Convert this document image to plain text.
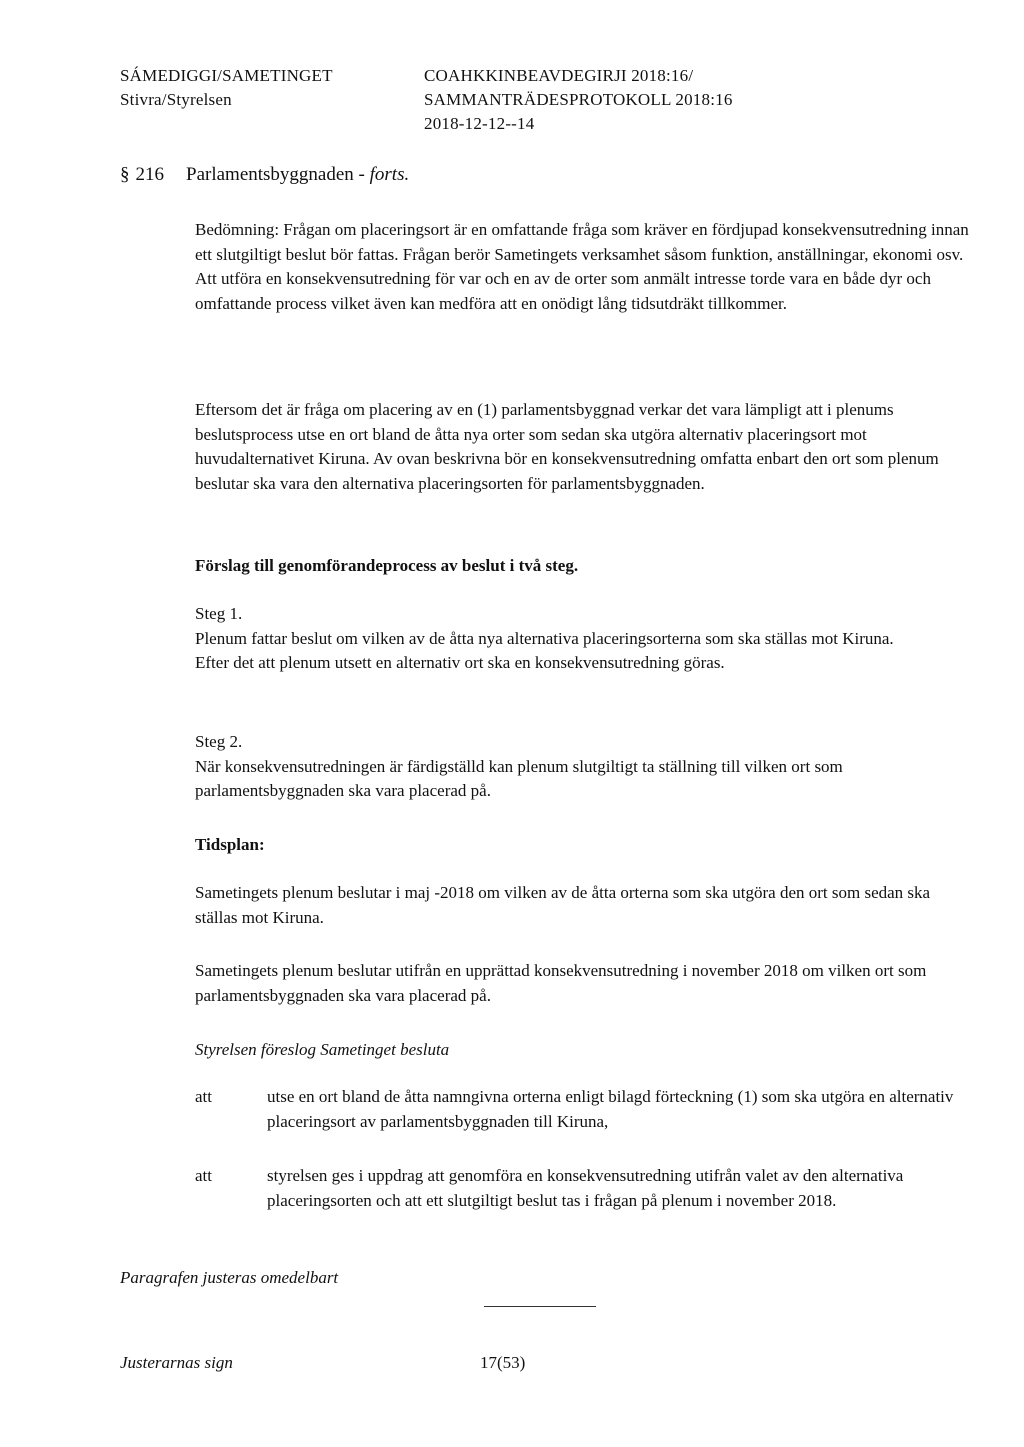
SÁMEDIGGI/SAMETINGET
Stivra/Styrelsen
COAHKKINBEAVDEGIRJI 2018:16/
SAMMANTRÄDESPROTOKOLL 2018:16
2018-12-12--14
§ 216 Parlamentsbyggnaden - forts.

Bedömning: Frågan om placeringsort är en omfattande fråga som kräver en fördjupad konsekvensutredning innan ett slutgiltigt beslut bör fattas. Frågan berör Sametingets verksamhet såsom funktion, anställningar, ekonomi osv. Att utföra en konsekvensutredning för var och en av de orter som anmält intresse torde vara en både dyr och omfattande process vilket även kan medföra att en onödigt lång tidsutdräkt tillkommer.

Eftersom det är fråga om placering av en (1) parlamentsbyggnad verkar det vara lämpligt att i plenums beslutsprocess utse en ort bland de åtta nya orter som sedan ska utgöra alternativ placeringsort mot huvudalternativet Kiruna. Av ovan beskrivna bör en konsekvensutredning omfatta enbart den ort som plenum beslutar ska vara den alternativa placeringsorten för parlamentsbyggnaden.

Förslag till genomförandeprocess av beslut i två steg.

Steg 1.

Plenum fattar beslut om vilken av de åtta nya alternativa placeringsorterna som ska ställas mot Kiruna.

Efter det att plenum utsett en alternativ ort ska en konsekvensutredning göras.

Steg 2.

När konsekvensutredningen är färdigställd kan plenum slutgiltigt ta ställning till vilken ort som parlamentsbyggnaden ska vara placerad på.

Tidsplan:

Sametingets plenum beslutar i maj -2018 om vilken av de åtta orterna som ska utgöra den ort som sedan ska ställas mot Kiruna.

Sametingets plenum beslutar utifrån en upprättad konsekvensutredning i november 2018 om vilken ort som parlamentsbyggnaden ska vara placerad på.

Styrelsen föreslog Sametinget besluta

att	utse en ort bland de åtta namngivna orterna enligt bilagd förteckning (1) som ska utgöra en alternativ placeringsort av parlamentsbyggnaden till Kiruna,
att	styrelsen ges i uppdrag att genomföra en konsekvensutredning utifrån valet av den alternativa placeringsorten och att ett slutgiltigt beslut tas i frågan på plenum i november 2018.
Paragrafen justeras omedelbart
Justerarnas sign	17(53)
